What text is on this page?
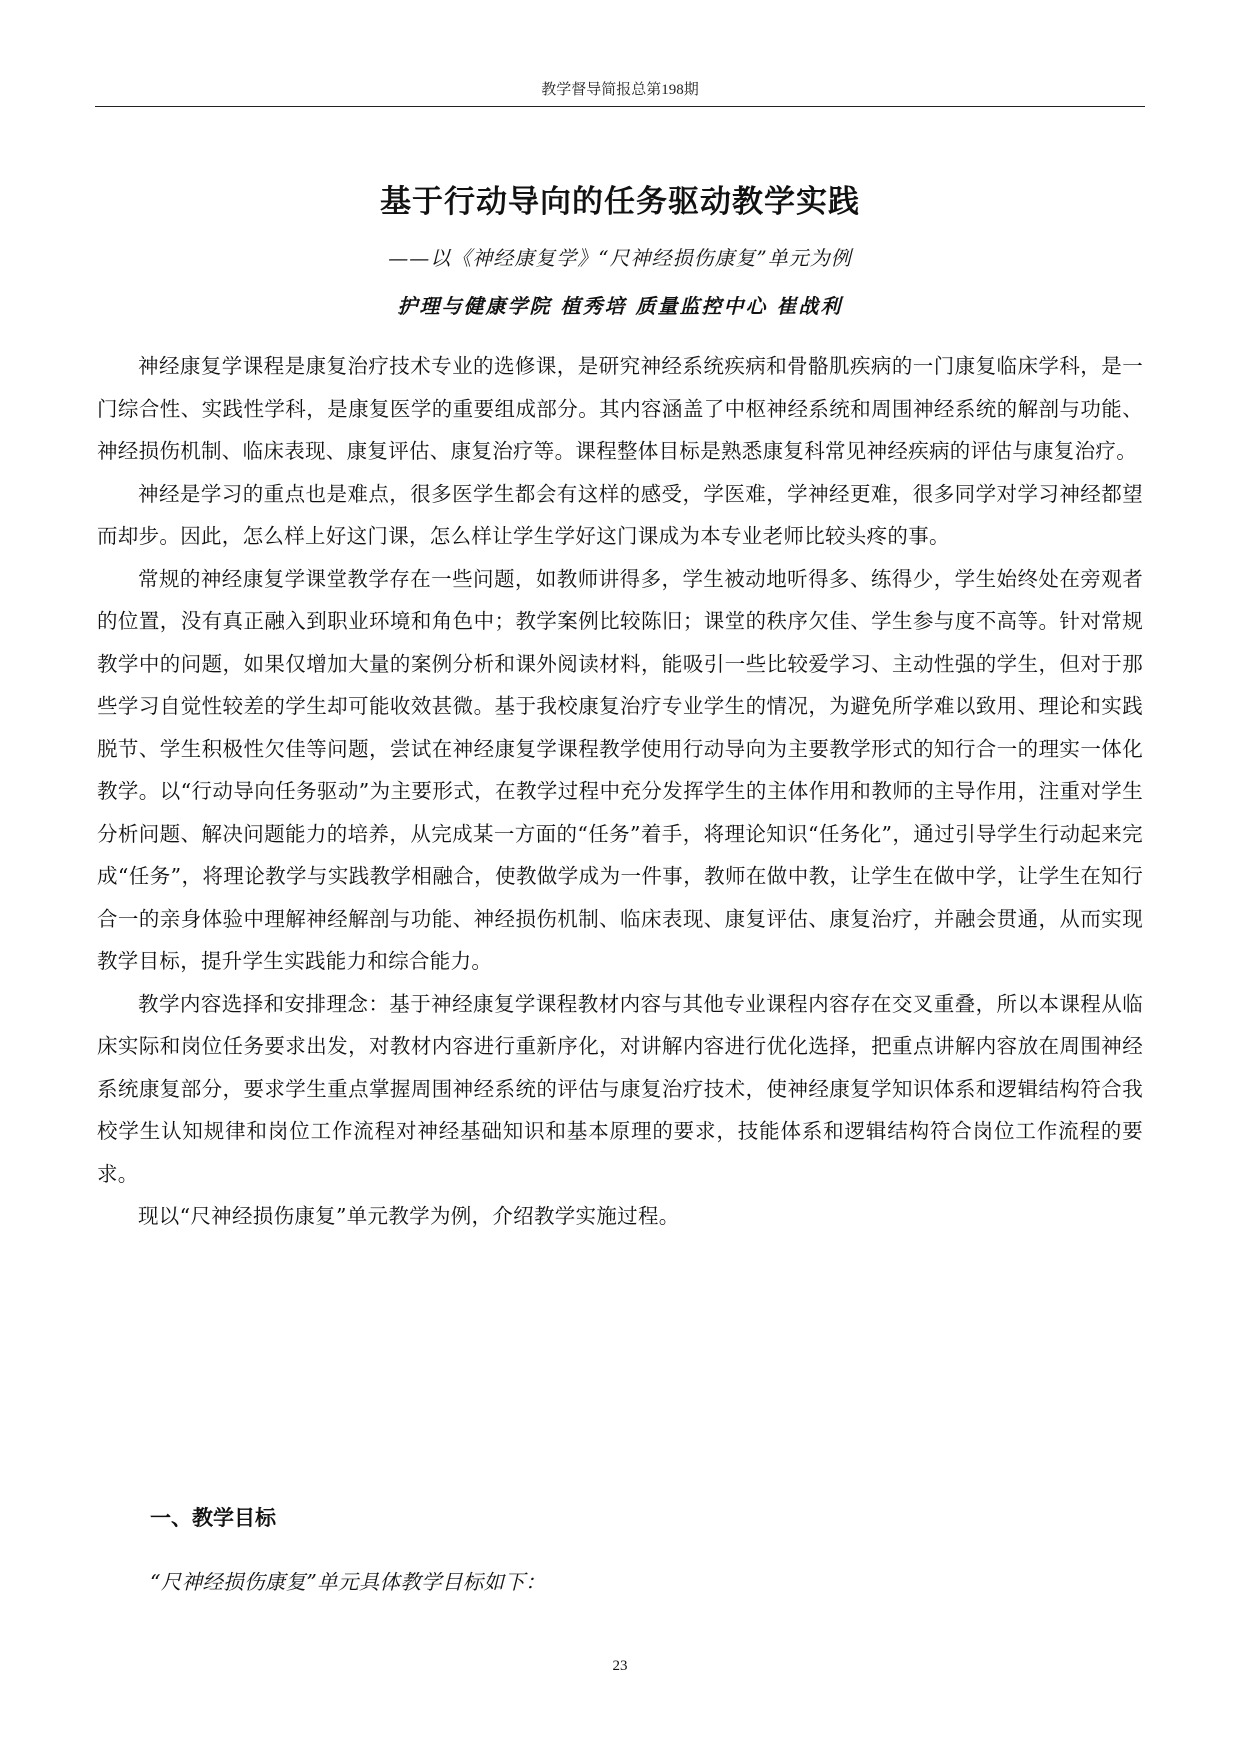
教学督导简报总第198期
基于行动导向的任务驱动教学实践
——以《神经康复学》“尺神经损伤康复”单元为例
护理与健康学院 植秀培 质量监控中心 崔战利

神经康复学课程是康复治疗技术专业的选修课，是研究神经系统疾病和骨骼肌疾病的一门康复临床学科，是一门综合性、实践性学科，是康复医学的重要组成部分。其内容涵盖了中枢神经系统和周围神经系统的解剖与功能、神经损伤机制、临床表现、康复评估、康复治疗等。课程整体目标是熟悉康复科常见神经疾病的评估与康复治疗。

神经是学习的重点也是难点，很多医学生都会有这样的感受，学医难，学神经更难，很多同学对学习神经都望而却步。因此，怎么样上好这门课，怎么样让学生学好这门课成为本专业老师比较头疼的事。

常规的神经康复学课堂教学存在一些问题，如教师讲得多，学生被动地听得多、练得少，学生始终处在旁观者的位置，没有真正融入到职业环境和角色中；教学案例比较陈旧；课堂的秩序欠佳、学生参与度不高等。针对常规教学中的问题，如果仅增加大量的案例分析和课外阅读材料，能吸引一些比较爱学习、主动性强的学生，但对于那些学习自觉性较差的学生却可能收效甚微。基于我校康复治疗专业学生的情况，为避免所学难以致用、理论和实践脱节、学生积极性欠佳等问题，尝试在神经康复学课程教学使用行动导向为主要教学形式的知行合一的理实一体化教学。以“行动导向任务驱动”为主要形式，在教学过程中充分发挥学生的主体作用和教师的主导作用，注重对学生分析问题、解决问题能力的培养，从完成某一方面的“任务”着手，将理论知识“任务化”，通过引导学生行动起来完成“任务”，将理论教学与实践教学相融合，使教做学成为一件事，教师在做中教，让学生在做中学，让学生在知行合一的亲身体验中理解神经解剖与功能、神经损伤机制、临床表现、康复评估、康复治疗，并融会贯通，从而实现教学目标，提升学生实践能力和综合能力。

教学内容选择和安排理念：基于神经康复学课程教材内容与其他专业课程内容存在交叉重叠，所以本课程从临床实际和岗位任务要求出发，对教材内容进行重新序化，对讲解内容进行优化选择，把重点讲解内容放在周围神经系统康复部分，要求学生重点掌握周围神经系统的评估与康复治疗技术，使神经康复学知识体系和逻辑结构符合我校学生认知规律和岗位工作流程对神经基础知识和基本原理的要求，技能体系和逻辑结构符合岗位工作流程的要求。

现以“尺神经损伤康复”单元教学为例，介绍教学实施过程。

一、教学目标
“尺神经损伤康复”单元具体教学目标如下：
23
